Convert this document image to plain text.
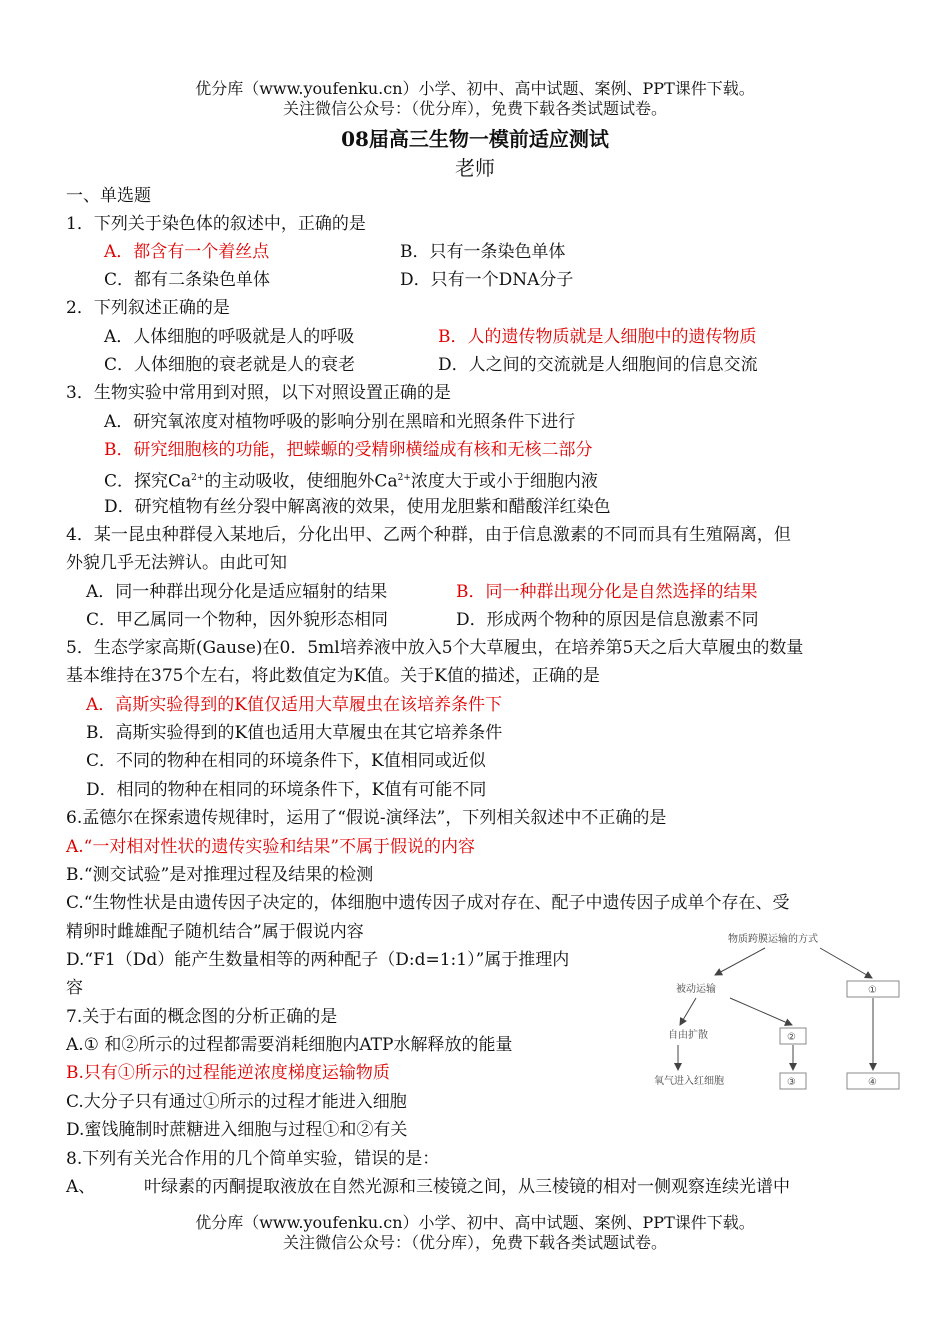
优分库（www.youfenku.cn）小学、初中、高中试题、案例、PPT课件下载。
关注微信公众号：（优分库），免费下载各类试题试卷。
08届高三生物一模前适应测试
老师
一、单选题
1．下列关于染色体的叙述中，正确的是
A．都含有一个着丝点	B．只有一条染色单体
C．都有二条染色单体	D．只有一个DNA分子
2．下列叙述正确的是
A．人体细胞的呼吸就是人的呼吸	B．人的遗传物质就是人细胞中的遗传物质
C．人体细胞的衰老就是人的衰老	D．人之间的交流就是人细胞间的信息交流
3．生物实验中常用到对照，以下对照设置正确的是
A．研究氧浓度对植物呼吸的影响分别在黑暗和光照条件下进行
B．研究细胞核的功能，把蝾螈的受精卵横缢成有核和无核二部分
C．探究$Ca^{2+}$的主动吸收，使细胞外$Ca^{2+}$浓度大于或小于细胞内液
D．研究植物有丝分裂中解离液的效果，使用龙胆紫和醋酸洋红染色
4．某一昆虫种群侵入某地后，分化出甲、乙两个种群，由于信息激素的不同而具有生殖隔离，但
外貌几乎无法辨认。由此可知
A．同一种群出现分化是适应辐射的结果	B．同一种群出现分化是自然选择的结果
C．甲乙属同一个物种，因外貌形态相同	D．形成两个物种的原因是信息激素不同
5．生态学家高斯(Gause)在0．5ml培养液中放入5个大草履虫，在培养第5天之后大草履虫的数量
基本维持在375个左右，将此数值定为K值。关于K值的描述，正确的是
A．高斯实验得到的K值仅适用大草履虫在该培养条件下
B．高斯实验得到的K值也适用大草履虫在其它培养条件
C．不同的物种在相同的环境条件下，K值相同或近似
D．相同的物种在相同的环境条件下，K值有可能不同
6.孟德尔在探索遗传规律时，运用了“假说-演绎法”，下列相关叙述中不正确的是
A.“一对相对性状的遗传实验和结果”不属于假说的内容
B.“测交试验”是对推理过程及结果的检测
C.“生物性状是由遗传因子决定的，体细胞中遗传因子成对存在、配子中遗传因子成单个存在、受
精卵时雌雄配子随机结合”属于假说内容
D.“F1（Dd）能产生数量相等的两种配子（D:d=1:1）”属于推理内
容
7.关于右面的概念图的分析正确的是
A.① 和②所示的过程都需要消耗细胞内ATP水解释放的能量
B.只有①所示的过程能逆浓度梯度运输物质
C.大分子只有通过①所示的过程才能进入细胞
D.蜜饯腌制时蔗糖进入细胞与过程①和②有关
8.下列有关光合作用的几个简单实验，错误的是：
A、	叶绿素的丙酮提取液放在自然光源和三棱镜之间，从三棱镜的相对一侧观察连续光谱中
物质跨膜运输的方式
被动运输	①
自由扩散	②
氧气进入红细胞	③	④
优分库（www.youfenku.cn）小学、初中、高中试题、案例、PPT课件下载。
关注微信公众号：（优分库），免费下载各类试题试卷。
